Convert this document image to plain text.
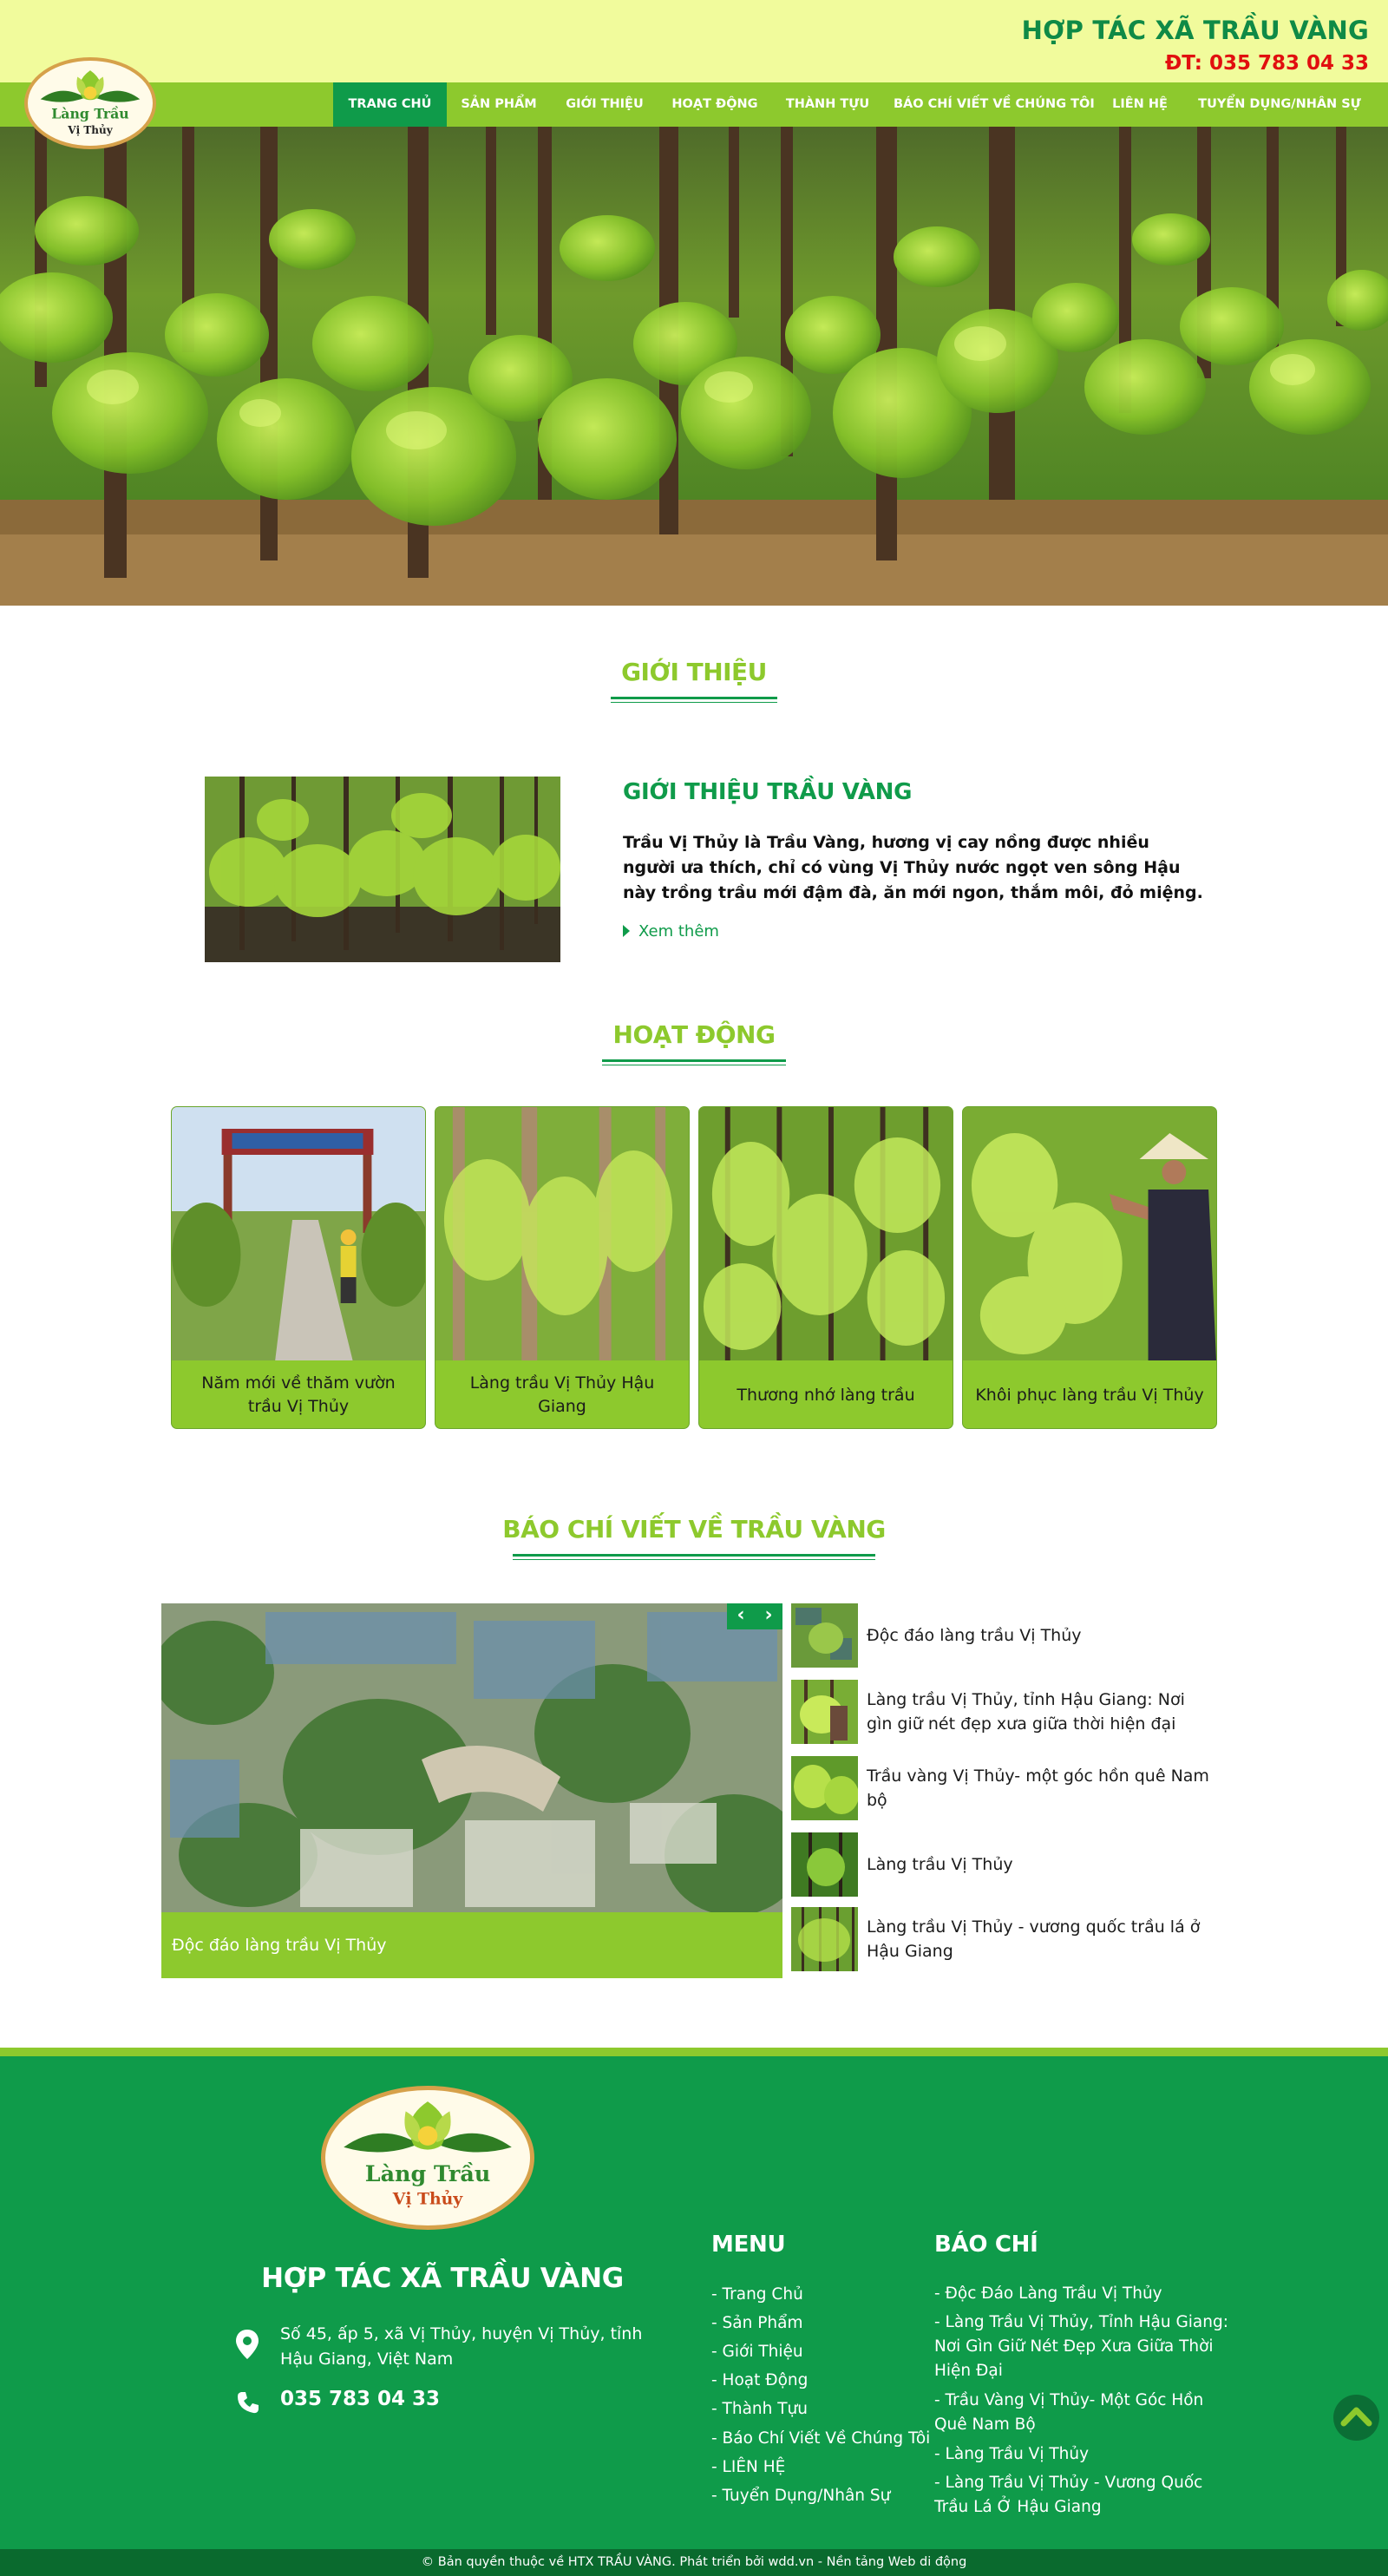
HỢP TÁC XÃ TRẦU VÀNG
ĐT: 035 783 04 33
TRANG CHỦ	SẢN PHẨM	GIỚI THIỆU	HOẠT ĐỘNG	THÀNH TỰU	BÁO CHÍ VIẾT VỀ CHÚNG TÔI	LIÊN HỆ	TUYỂN DỤNG/NHÂN SỰ
Làng Trầu
Vị Thủy
GIỚI THIỆU
GIỚI THIỆU TRẦU VÀNG
Trầu Vị Thủy là Trầu Vàng, hương vị cay nồng được nhiều người ưa thích, chỉ có vùng Vị Thủy nước ngọt ven sông Hậu này trồng trầu mới đậm đà, ăn mới ngon, thắm môi, đỏ miệng.
Xem thêm
HOẠT ĐỘNG
Năm mới về thăm vườn trầu Vị Thủy
Làng trầu Vị Thủy Hậu Giang
Thương nhớ làng trầu	Khôi phục làng trầu Vị Thủy
BÁO CHÍ VIẾT VỀ TRẦU VÀNG
‹	›
Độc đáo làng trầu Vị Thủy
Độc đáo làng trầu Vị Thủy
Làng trầu Vị Thủy, tỉnh Hậu Giang: Nơi gìn giữ nét đẹp xưa giữa thời hiện đại
Trầu vàng Vị Thủy- một góc hồn quê Nam bộ
Làng trầu Vị Thủy
Làng trầu Vị Thủy - vương quốc trầu lá ở Hậu Giang
Làng Trầu
Vị Thủy
HỢP TÁC XÃ TRẦU VÀNG
Số 45, ấp 5, xã Vị Thủy, huyện Vị Thủy, tỉnh Hậu Giang, Việt Nam
035 783 04 33
MENU
- Trang Chủ
- Sản Phẩm
- Giới Thiệu
- Hoạt Động
- Thành Tựu
- Báo Chí Viết Về Chúng Tôi
- LIÊN HỆ
- Tuyển Dụng/Nhân Sự
BÁO CHÍ
- Độc Đáo Làng Trầu Vị Thủy
- Làng Trầu Vị Thủy, Tỉnh Hậu Giang: Nơi Gìn Giữ Nét Đẹp Xưa Giữa Thời Hiện Đại
- Trầu Vàng Vị Thủy- Một Góc Hồn Quê Nam Bộ
- Làng Trầu Vị Thủy
- Làng Trầu Vị Thủy - Vương Quốc Trầu Lá Ở Hậu Giang
© Bản quyền thuộc về HTX TRẦU VÀNG. Phát triển bởi wdd.vn - Nền tảng Web di động
